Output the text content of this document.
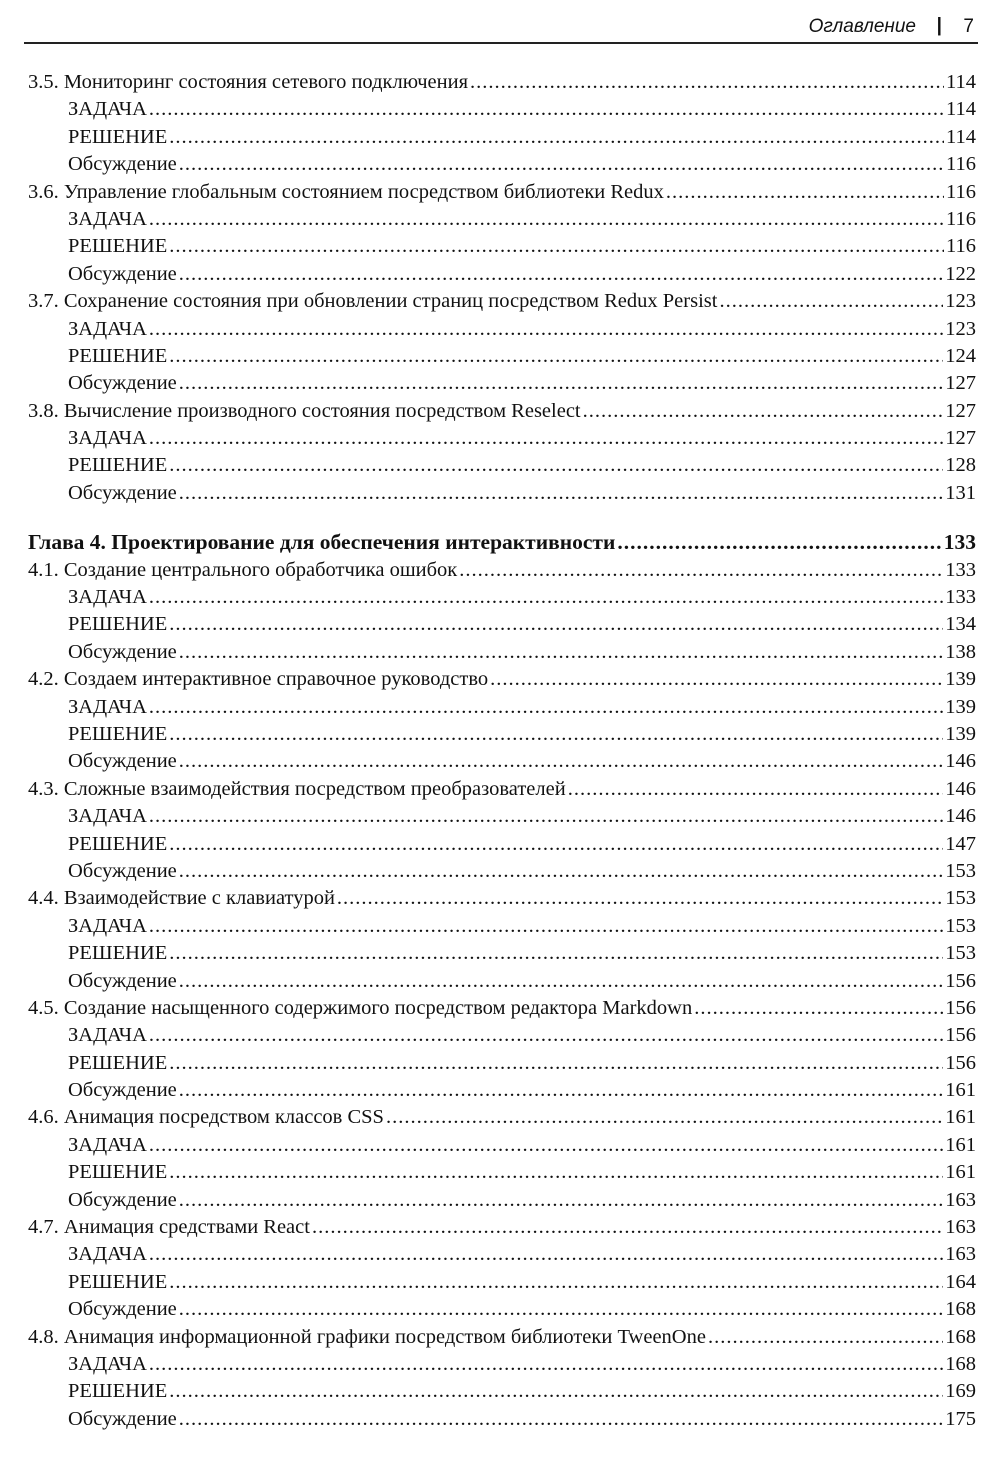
Оглавление | 7
3.5. Мониторинг состояния сетевого подключения .....	114
ЗАДАЧА .....	114
РЕШЕНИЕ .....	114
Обсуждение .....	116
3.6. Управление глобальным состоянием посредством библиотеки Redux .....	116
ЗАДАЧА .....	116
РЕШЕНИЕ .....	116
Обсуждение .....	122
3.7. Сохранение состояния при обновлении страниц посредством Redux Persist .....	123
ЗАДАЧА .....	123
РЕШЕНИЕ .....	124
Обсуждение .....	127
3.8. Вычисление производного состояния посредством Reselect .....	127
ЗАДАЧА .....	127
РЕШЕНИЕ .....	128
Обсуждение .....	131
Глава 4. Проектирование для обеспечения интерактивности .....	133
4.1. Создание центрального обработчика ошибок .....	133
ЗАДАЧА .....	133
РЕШЕНИЕ .....	134
Обсуждение .....	138
4.2. Создаем интерактивное справочное руководство .....	139
ЗАДАЧА .....	139
РЕШЕНИЕ .....	139
Обсуждение .....	146
4.3. Сложные взаимодействия посредством преобразователей .....	146
ЗАДАЧА .....	146
РЕШЕНИЕ .....	147
Обсуждение .....	153
4.4. Взаимодействие с клавиатурой .....	153
ЗАДАЧА .....	153
РЕШЕНИЕ .....	153
Обсуждение .....	156
4.5. Создание насыщенного содержимого посредством редактора Markdown .....	156
ЗАДАЧА .....	156
РЕШЕНИЕ .....	156
Обсуждение .....	161
4.6. Анимация посредством классов CSS .....	161
ЗАДАЧА .....	161
РЕШЕНИЕ .....	161
Обсуждение .....	163
4.7. Анимация средствами React .....	163
ЗАДАЧА .....	163
РЕШЕНИЕ .....	164
Обсуждение .....	168
4.8. Анимация информационной графики посредством библиотеки TweenOne .....	168
ЗАДАЧА .....	168
РЕШЕНИЕ .....	169
Обсуждение .....	175
